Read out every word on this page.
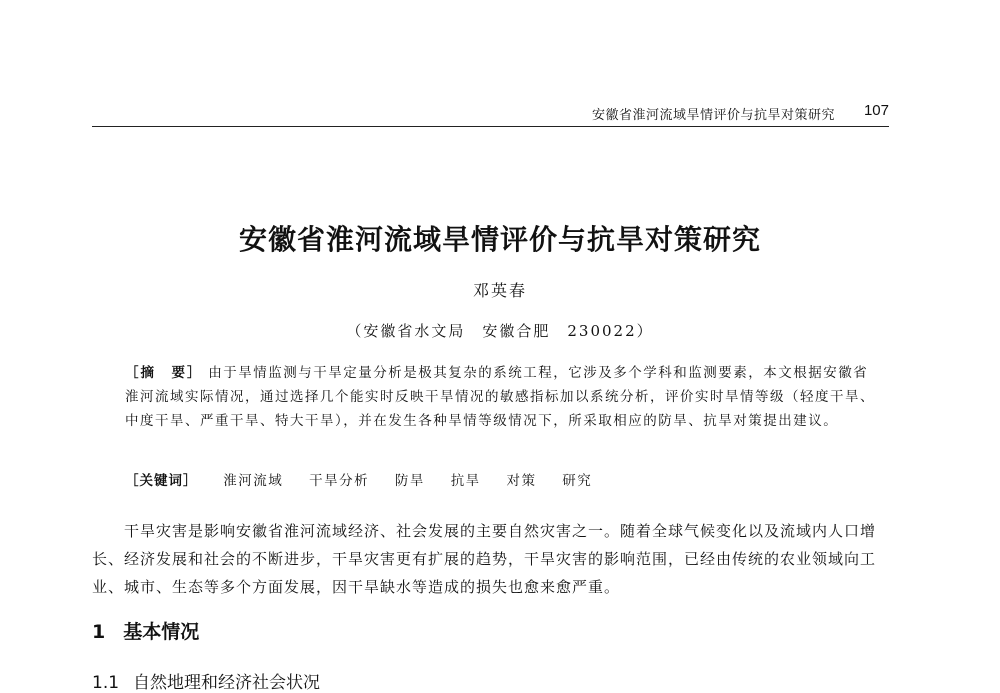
安徽省淮河流域旱情评价与抗旱对策研究 107
安徽省淮河流域旱情评价与抗旱对策研究
邓英春
（安徽省水文局　安徽合肥　230022）
［摘　要］ 由于旱情监测与干旱定量分析是极其复杂的系统工程，它涉及多个学科和监测要素，本文根据安徽省淮河流域实际情况，通过选择几个能实时反映干旱情况的敏感指标加以系统分析，评价实时旱情等级（轻度干旱、中度干旱、严重干旱、特大干旱），并在发生各种旱情等级情况下，所采取相应的防旱、抗旱对策提出建议。
［关键词］ 淮河流域 干旱分析 防旱 抗旱 对策 研究

干旱灾害是影响安徽省淮河流域经济、社会发展的主要自然灾害之一。随着全球气候变化以及流域内人口增长、经济发展和社会的不断进步，干旱灾害更有扩展的趋势，干旱灾害的影响范围，已经由传统的农业领域向工业、城市、生态等多个方面发展，因干旱缺水等造成的损失也愈来愈严重。

1 基本情况
1.1 自然地理和经济社会状况
